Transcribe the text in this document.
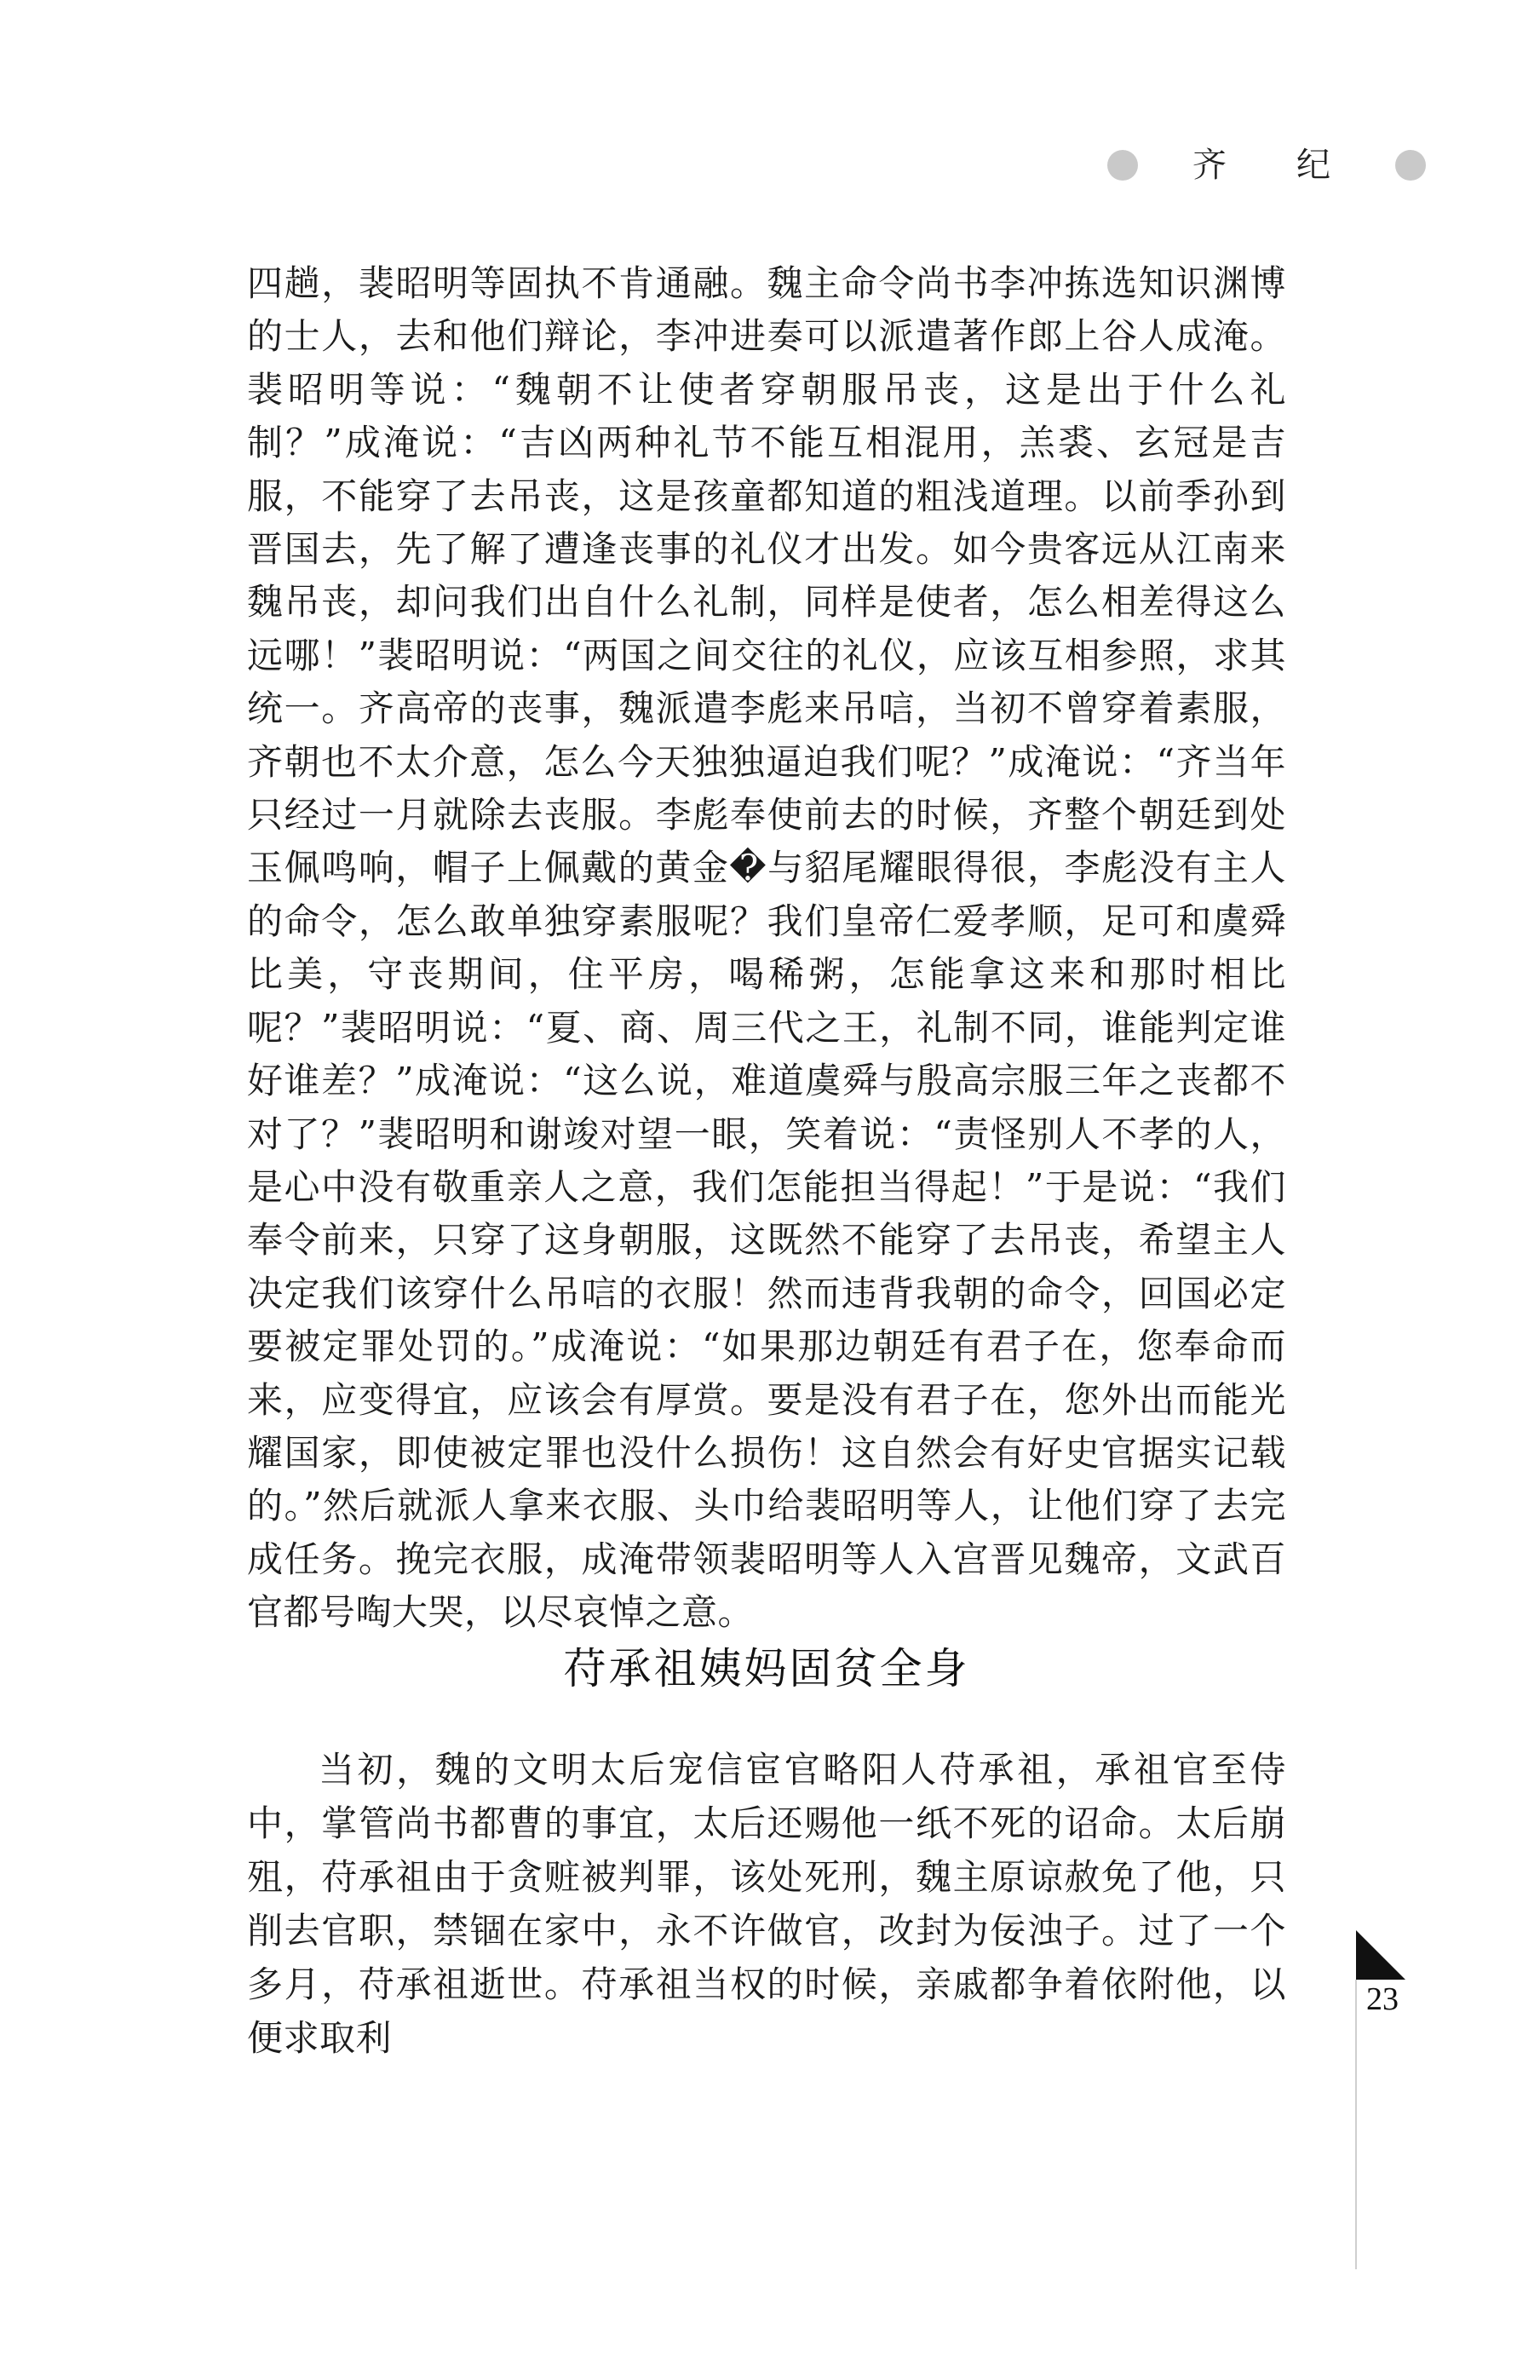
齐 纪

四趟，裴昭明等固执不肯通融。魏主命令尚书李冲拣选知识渊博的士人，去和他们辩论，李冲进奏可以派遣著作郎上谷人成淹。裴昭明等说：“魏朝不让使者穿朝服吊丧，这是出于什么礼制？”成淹说：“吉凶两种礼节不能互相混用，羔裘、玄冠是吉服，不能穿了去吊丧，这是孩童都知道的粗浅道理。以前季孙到晋国去，先了解了遭逢丧事的礼仪才出发。如今贵客远从江南来魏吊丧，却问我们出自什么礼制，同样是使者，怎么相差得这么远哪！”裴昭明说：“两国之间交往的礼仪，应该互相参照，求其统一。齐高帝的丧事，魏派遣李彪来吊唁，当初不曾穿着素服，齐朝也不太介意，怎么今天独独逼迫我们呢？”成淹说：“齐当年只经过一月就除去丧服。李彪奉使前去的时候，齐整个朝廷到处玉佩鸣响，帽子上佩戴的黄金�与貂尾耀眼得很，李彪没有主人的命令，怎么敢单独穿素服呢？我们皇帝仁爱孝顺，足可和虞舜比美，守丧期间，住平房，喝稀粥，怎能拿这来和那时相比呢？”裴昭明说：“夏、商、周三代之王，礼制不同，谁能判定谁好谁差？”成淹说：“这么说，难道虞舜与殷高宗服三年之丧都不对了？”裴昭明和谢竣对望一眼，笑着说：“责怪别人不孝的人，是心中没有敬重亲人之意，我们怎能担当得起！”于是说：“我们奉令前来，只穿了这身朝服，这既然不能穿了去吊丧，希望主人决定我们该穿什么吊唁的衣服！然而违背我朝的命令，回国必定要被定罪处罚的。”成淹说：“如果那边朝廷有君子在，您奉命而来，应变得宜，应该会有厚赏。要是没有君子在，您外出而能光耀国家，即使被定罪也没什么损伤！这自然会有好史官据实记载的。”然后就派人拿来衣服、头巾给裴昭明等人，让他们穿了去完成任务。挽完衣服，成淹带领裴昭明等人入宫晋见魏帝，文武百官都号啕大哭，以尽哀悼之意。

苻承祖姨妈固贫全身

当初，魏的文明太后宠信宦官略阳人苻承祖，承祖官至侍中，掌管尚书都曹的事宜，太后还赐他一纸不死的诏命。太后崩殂，苻承祖由于贪赃被判罪，该处死刑，魏主原谅赦免了他，只削去官职，禁锢在家中，永不许做官，改封为佞浊子。过了一个多月，苻承祖逝世。苻承祖当权的时候，亲戚都争着依附他，以便求取利

23
